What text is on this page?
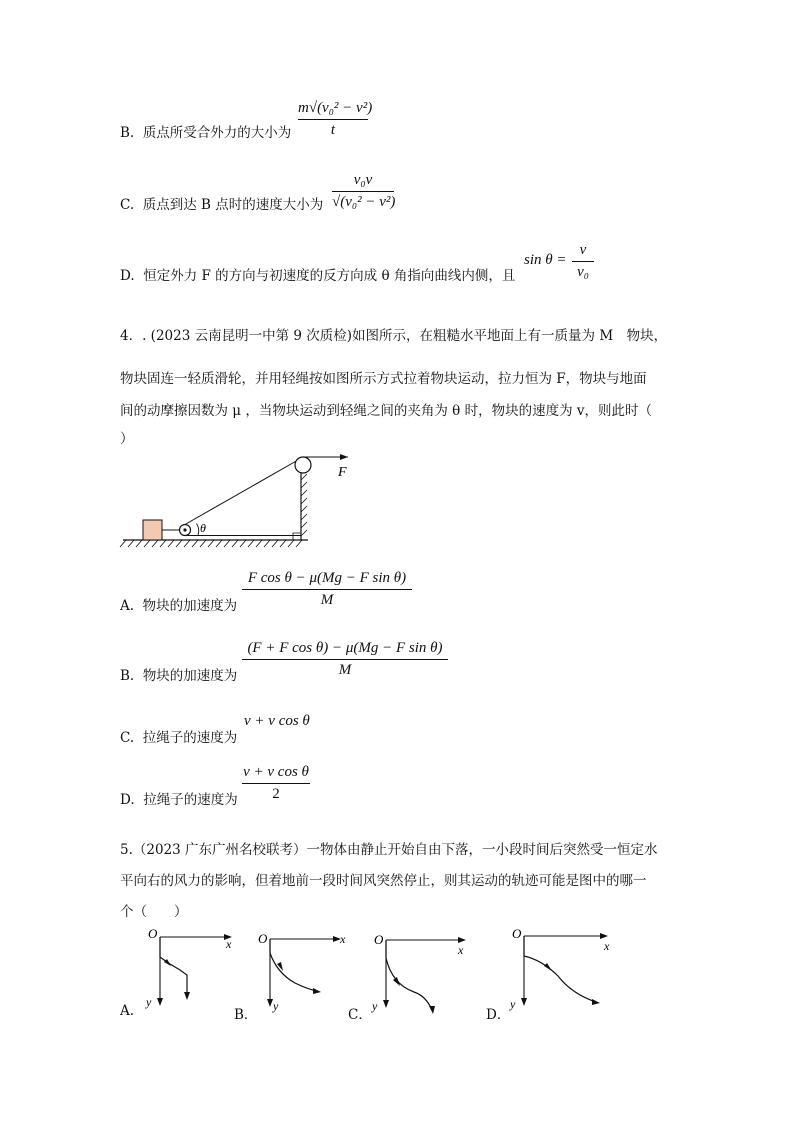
B. 质点所受合外力的大小为
m√(v₀² − v²)
t
C. 质点到达 B 点时的速度大小为
v₀v
√(v₀² − v²)
D. 恒定外力 F 的方向与初速度的反方向成 θ 角指向曲线内侧，且
sin θ =
v
v₀
4．. (2023 云南昆明一中第 9 次质检)如图所示，在粗糙水平地面上有一质量为 M　物块，
物块固连一轻质滑轮，并用轻绳按如图所示方式拉着物块运动，拉力恒为 F，物块与地面
间的动摩擦因数为 μ ，当物块运动到轻绳之间的夹角为 θ 时，物块的速度为 v，则此时（
）
θ
F
A. 物块的加速度为
F cos θ − μ(Mg − F sin θ)
M
B. 物块的加速度为
(F + F cos θ) − μ(Mg − F sin θ)
M
C. 拉绳子的速度为
v + v cos θ
D. 拉绳子的速度为
v + v cos θ
2
5.（2023 广东广州名校联考）一物体由静止开始自由下落，一小段时间后突然受一恒定水
平向右的风力的影响，但着地前一段时间风突然停止，则其运动的轨迹可能是图中的哪一
个（　　）
O
x
y
A.
O	x
y
B．
O
x
y
C．
O
x
y
D．
